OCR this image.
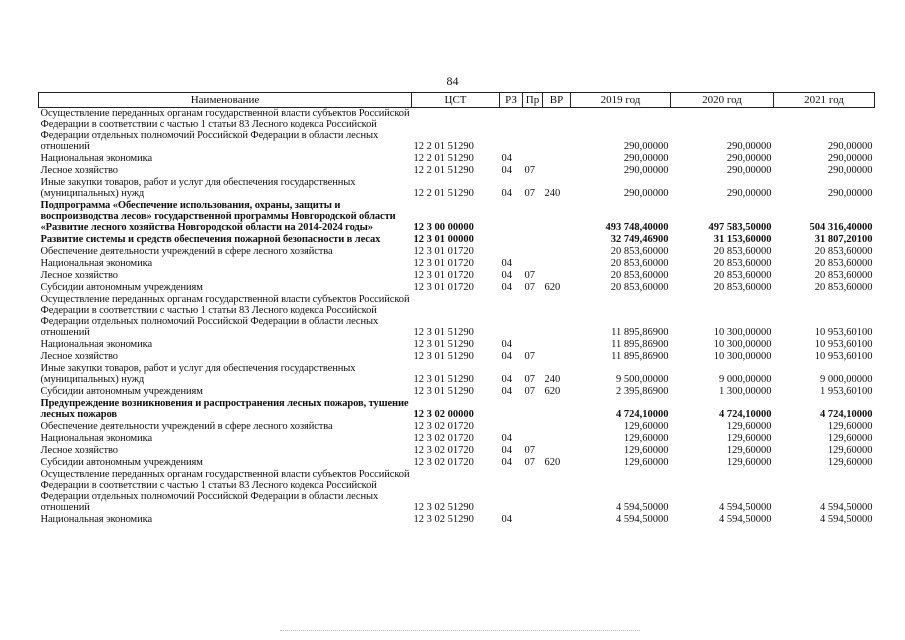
84
Наименование	ЦСТ	РЗ	Пр	ВР	2019 год	2020 год	2021 год
Осуществление переданных органам государственной власти субъектов Российской Федерации в соответствии с частью 1 статьи 83 Лесного кодекса Российской Федерации отдельных полномочий Российской Федерации в области лесных отношений	12 2 01 51290				290,00000	290,00000	290,00000
Национальная экономика	12 2 01 51290	04			290,00000	290,00000	290,00000
Лесное хозяйство	12 2 01 51290	04	07		290,00000	290,00000	290,00000
Иные закупки товаров, работ и услуг для обеспечения государственных (муниципальных) нужд	12 2 01 51290	04	07	240	290,00000	290,00000	290,00000
Подпрограмма «Обеспечение использования, охраны, защиты и воспроизводства лесов» государственной программы Новгородской области «Развитие лесного хозяйства Новгородской области на 2014-2024 годы»	12 3 00 00000				493 748,40000	497 583,50000	504 316,40000
Развитие системы и средств обеспечения пожарной безопасности в лесах	12 3 01 00000				32 749,46900	31 153,60000	31 807,20100
Обеспечение деятельности учреждений в сфере лесного хозяйства	12 3 01 01720				20 853,60000	20 853,60000	20 853,60000
Национальная экономика	12 3 01 01720	04			20 853,60000	20 853,60000	20 853,60000
Лесное хозяйство	12 3 01 01720	04	07		20 853,60000	20 853,60000	20 853,60000
Субсидии автономным учреждениям	12 3 01 01720	04	07	620	20 853,60000	20 853,60000	20 853,60000
Осуществление переданных органам государственной власти субъектов Российской Федерации в соответствии с частью 1 статьи 83 Лесного кодекса Российской Федерации отдельных полномочий Российской Федерации в области лесных отношений	12 3 01 51290				11 895,86900	10 300,00000	10 953,60100
Национальная экономика	12 3 01 51290	04			11 895,86900	10 300,00000	10 953,60100
Лесное хозяйство	12 3 01 51290	04	07		11 895,86900	10 300,00000	10 953,60100
Иные закупки товаров, работ и услуг для обеспечения государственных (муниципальных) нужд	12 3 01 51290	04	07	240	9 500,00000	9 000,00000	9 000,00000
Субсидии автономным учреждениям	12 3 01 51290	04	07	620	2 395,86900	1 300,00000	1 953,60100
Предупреждение возникновения и распространения лесных пожаров, тушение лесных пожаров	12 3 02 00000				4 724,10000	4 724,10000	4 724,10000
Обеспечение деятельности учреждений в сфере лесного хозяйства	12 3 02 01720				129,60000	129,60000	129,60000
Национальная экономика	12 3 02 01720	04			129,60000	129,60000	129,60000
Лесное хозяйство	12 3 02 01720	04	07		129,60000	129,60000	129,60000
Субсидии автономным учреждениям	12 3 02 01720	04	07	620	129,60000	129,60000	129,60000
Осуществление переданных органам государственной власти субъектов Российской Федерации в соответствии с частью 1 статьи 83 Лесного кодекса Российской Федерации отдельных полномочий Российской Федерации в области лесных отношений	12 3 02 51290				4 594,50000	4 594,50000	4 594,50000
Национальная экономика	12 3 02 51290	04			4 594,50000	4 594,50000	4 594,50000
